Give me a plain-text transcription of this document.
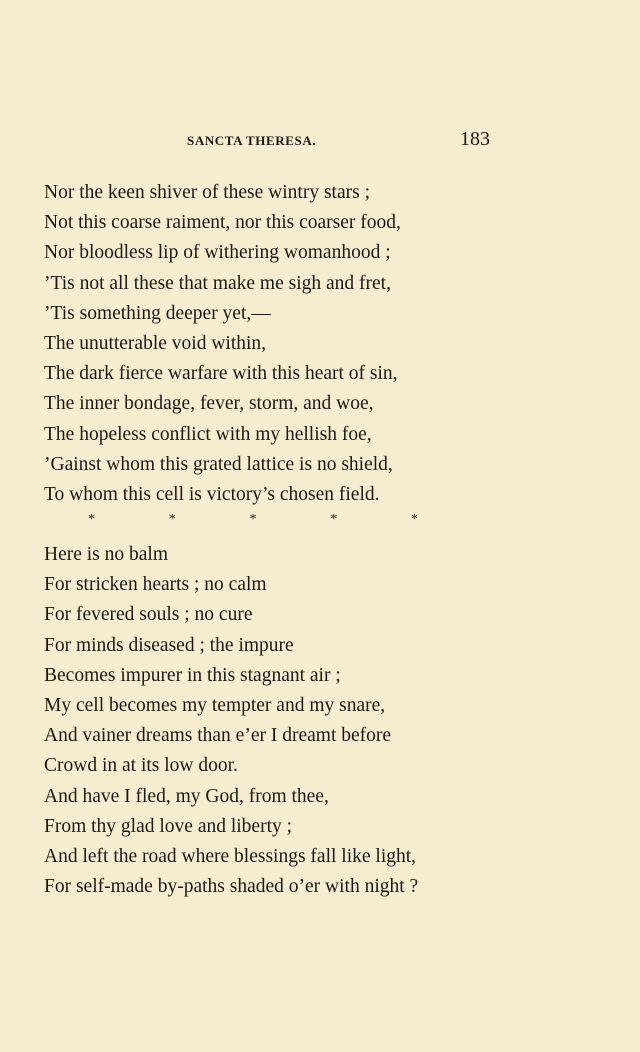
SANCTA THERESA.	183
Nor the keen shiver of these wintry stars ;
Not this coarse raiment, nor this coarser food,
Nor bloodless lip of withering womanhood ;
’Tis not all these that make me sigh and fret,
’Tis something deeper yet,—
The unutterable void within,
The dark fierce warfare with this heart of sin,
The inner bondage, fever, storm, and woe,
The hopeless conflict with my hellish foe,
’Gainst whom this grated lattice is no shield,
To whom this cell is victory’s chosen field.
*	*	*	*	*
Here is no balm
For stricken hearts ; no calm
For fevered souls ; no cure
For minds diseased ; the impure
Becomes impurer in this stagnant air ;
My cell becomes my tempter and my snare,
And vainer dreams than e’er I dreamt before
Crowd in at its low door.
And have I fled, my God, from thee,
From thy glad love and liberty ;
And left the road where blessings fall like light,
For self-made by-paths shaded o’er with night ?
